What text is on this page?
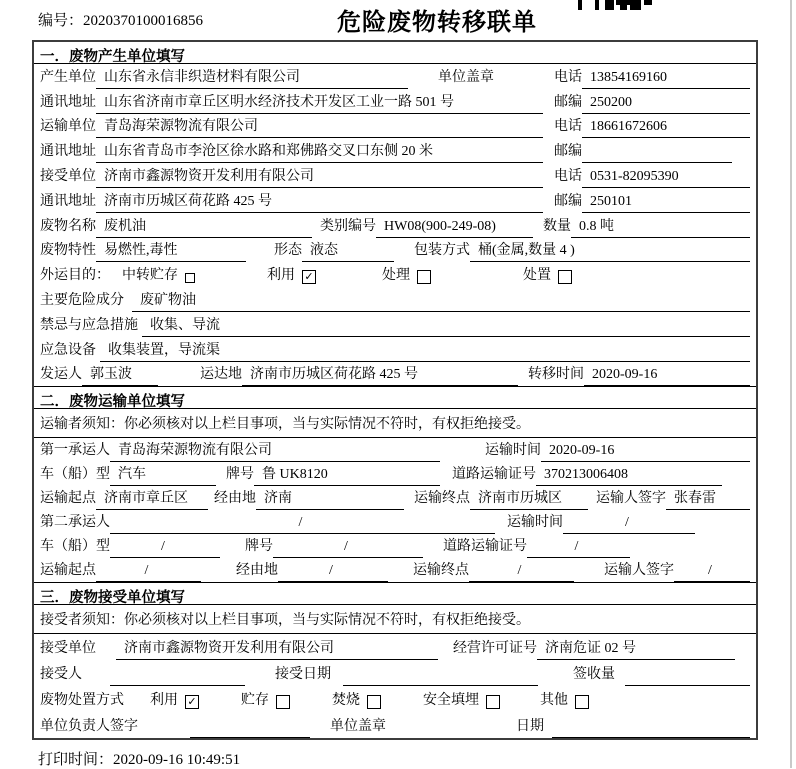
编号：2020370100016856	危险废物转移联单
一．废物产生单位填写
产生单位 山东省永信非织造材料有限公司	单位盖章	电话 13854169160
通讯地址 山东省济南市章丘区明水经济技术开发区工业一路 501 号	邮编 250200
运输单位 青岛海荣源物流有限公司	电话 18661672606
通讯地址 山东省青岛市李沧区徐水路和郑佛路交叉口东侧 20 米	邮编
接受单位 济南市鑫源物资开发利用有限公司	电话 0531-82095390
通讯地址 济南市历城区荷花路 425 号	邮编 250101
废物名称 废机油	类别编号 HW08(900-249-08)	数量 0.8 吨
废物特性 易燃性,毒性	形态 液态	包装方式 桶(金属,数量 4 )
外运目的： 中转贮存	利用 ✓	处理	处置
主要危险成分	废矿物油
禁忌与应急措施 收集、导流
应急设备 收集装置，导流渠
发运人 郭玉波	运达地 济南市历城区荷花路 425 号	转移时间 2020-09-16
二．废物运输单位填写
运输者须知：你必须核对以上栏目事项，当与实际情况不符时，有权拒绝接受。
第一承运人 青岛海荣源物流有限公司	运输时间 2020-09-16
车（船）型 汽车	牌号 鲁 UK8120	道路运输证号 370213006408
运输起点 济南市章丘区	经由地 济南	运输终点 济南市历城区	运输人签字 张春雷
第二承运人	/	运输时间	/
车（船）型	/	牌号	/	道路运输证号	/
运输起点	/	经由地	/	运输终点	/	运输人签字	/
三．废物接受单位填写
接受者须知：你必须核对以上栏目事项，当与实际情况不符时，有权拒绝接受。
接受单位	济南市鑫源物资开发利用有限公司	经营许可证号 济南危证 02 号
接受人	接受日期	签收量
废物处置方式 利用 ✓	贮存	焚烧	安全填埋	其他
单位负责人签字	单位盖章	日期
打印时间：2020-09-16 10:49:51
